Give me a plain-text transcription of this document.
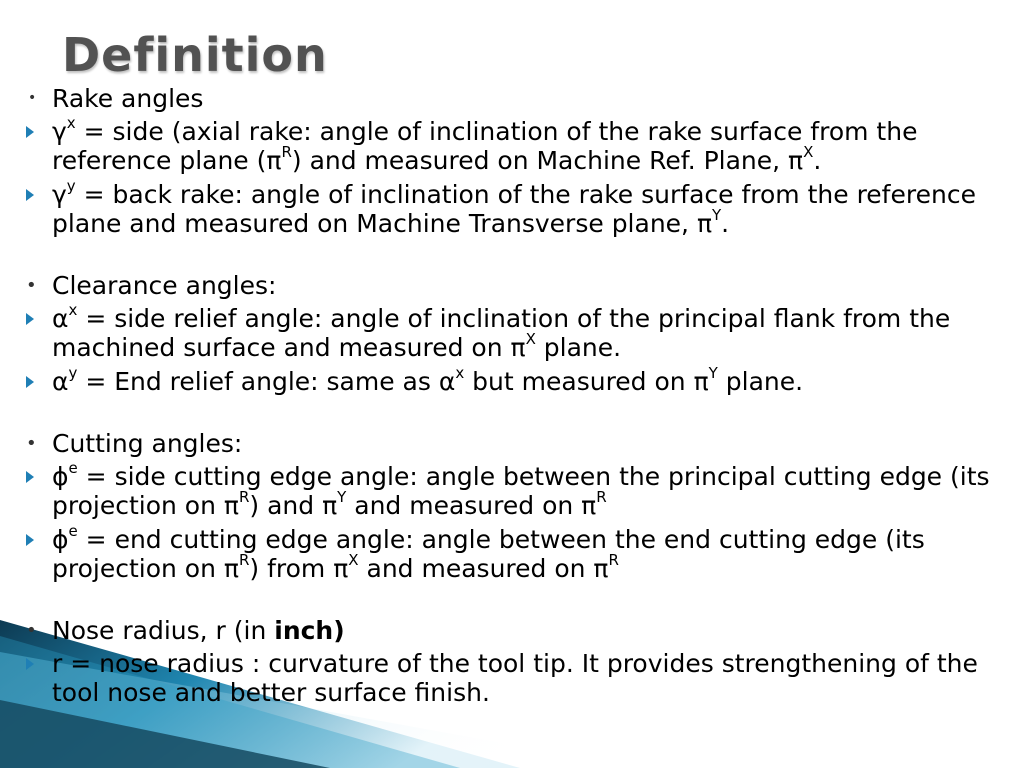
Definition
• Rake angles
$\gamma^x$ = side (axial rake: angle of inclination of the rake surface from the reference plane $(\pi^R)$ and measured on Machine Ref. Plane, $\pi^X$.
$\gamma^y$ = back rake: angle of inclination of the rake surface from the reference plane and measured on Machine Transverse plane, $\pi^Y$.
• Clearance angles:
$\alpha^x$ = side relief angle: angle of inclination of the principal flank from the machined surface and measured on $\pi^X$ plane.
$\alpha^y$ = End relief angle: same as $\alpha^x$ but measured on $\pi^Y$ plane.
• Cutting angles:
$\phi^e$ = side cutting edge angle: angle between the principal cutting edge (its projection on $\pi^R$) and $\pi^Y$ and measured on $\pi^R$
$\phi^e$ = end cutting edge angle: angle between the end cutting edge (its projection on $\pi^R$) from $\pi^X$ and measured on $\pi^R$
• Nose radius, r (in inch)
r = nose radius : curvature of the tool tip. It provides strengthening of the tool nose and better surface finish.
